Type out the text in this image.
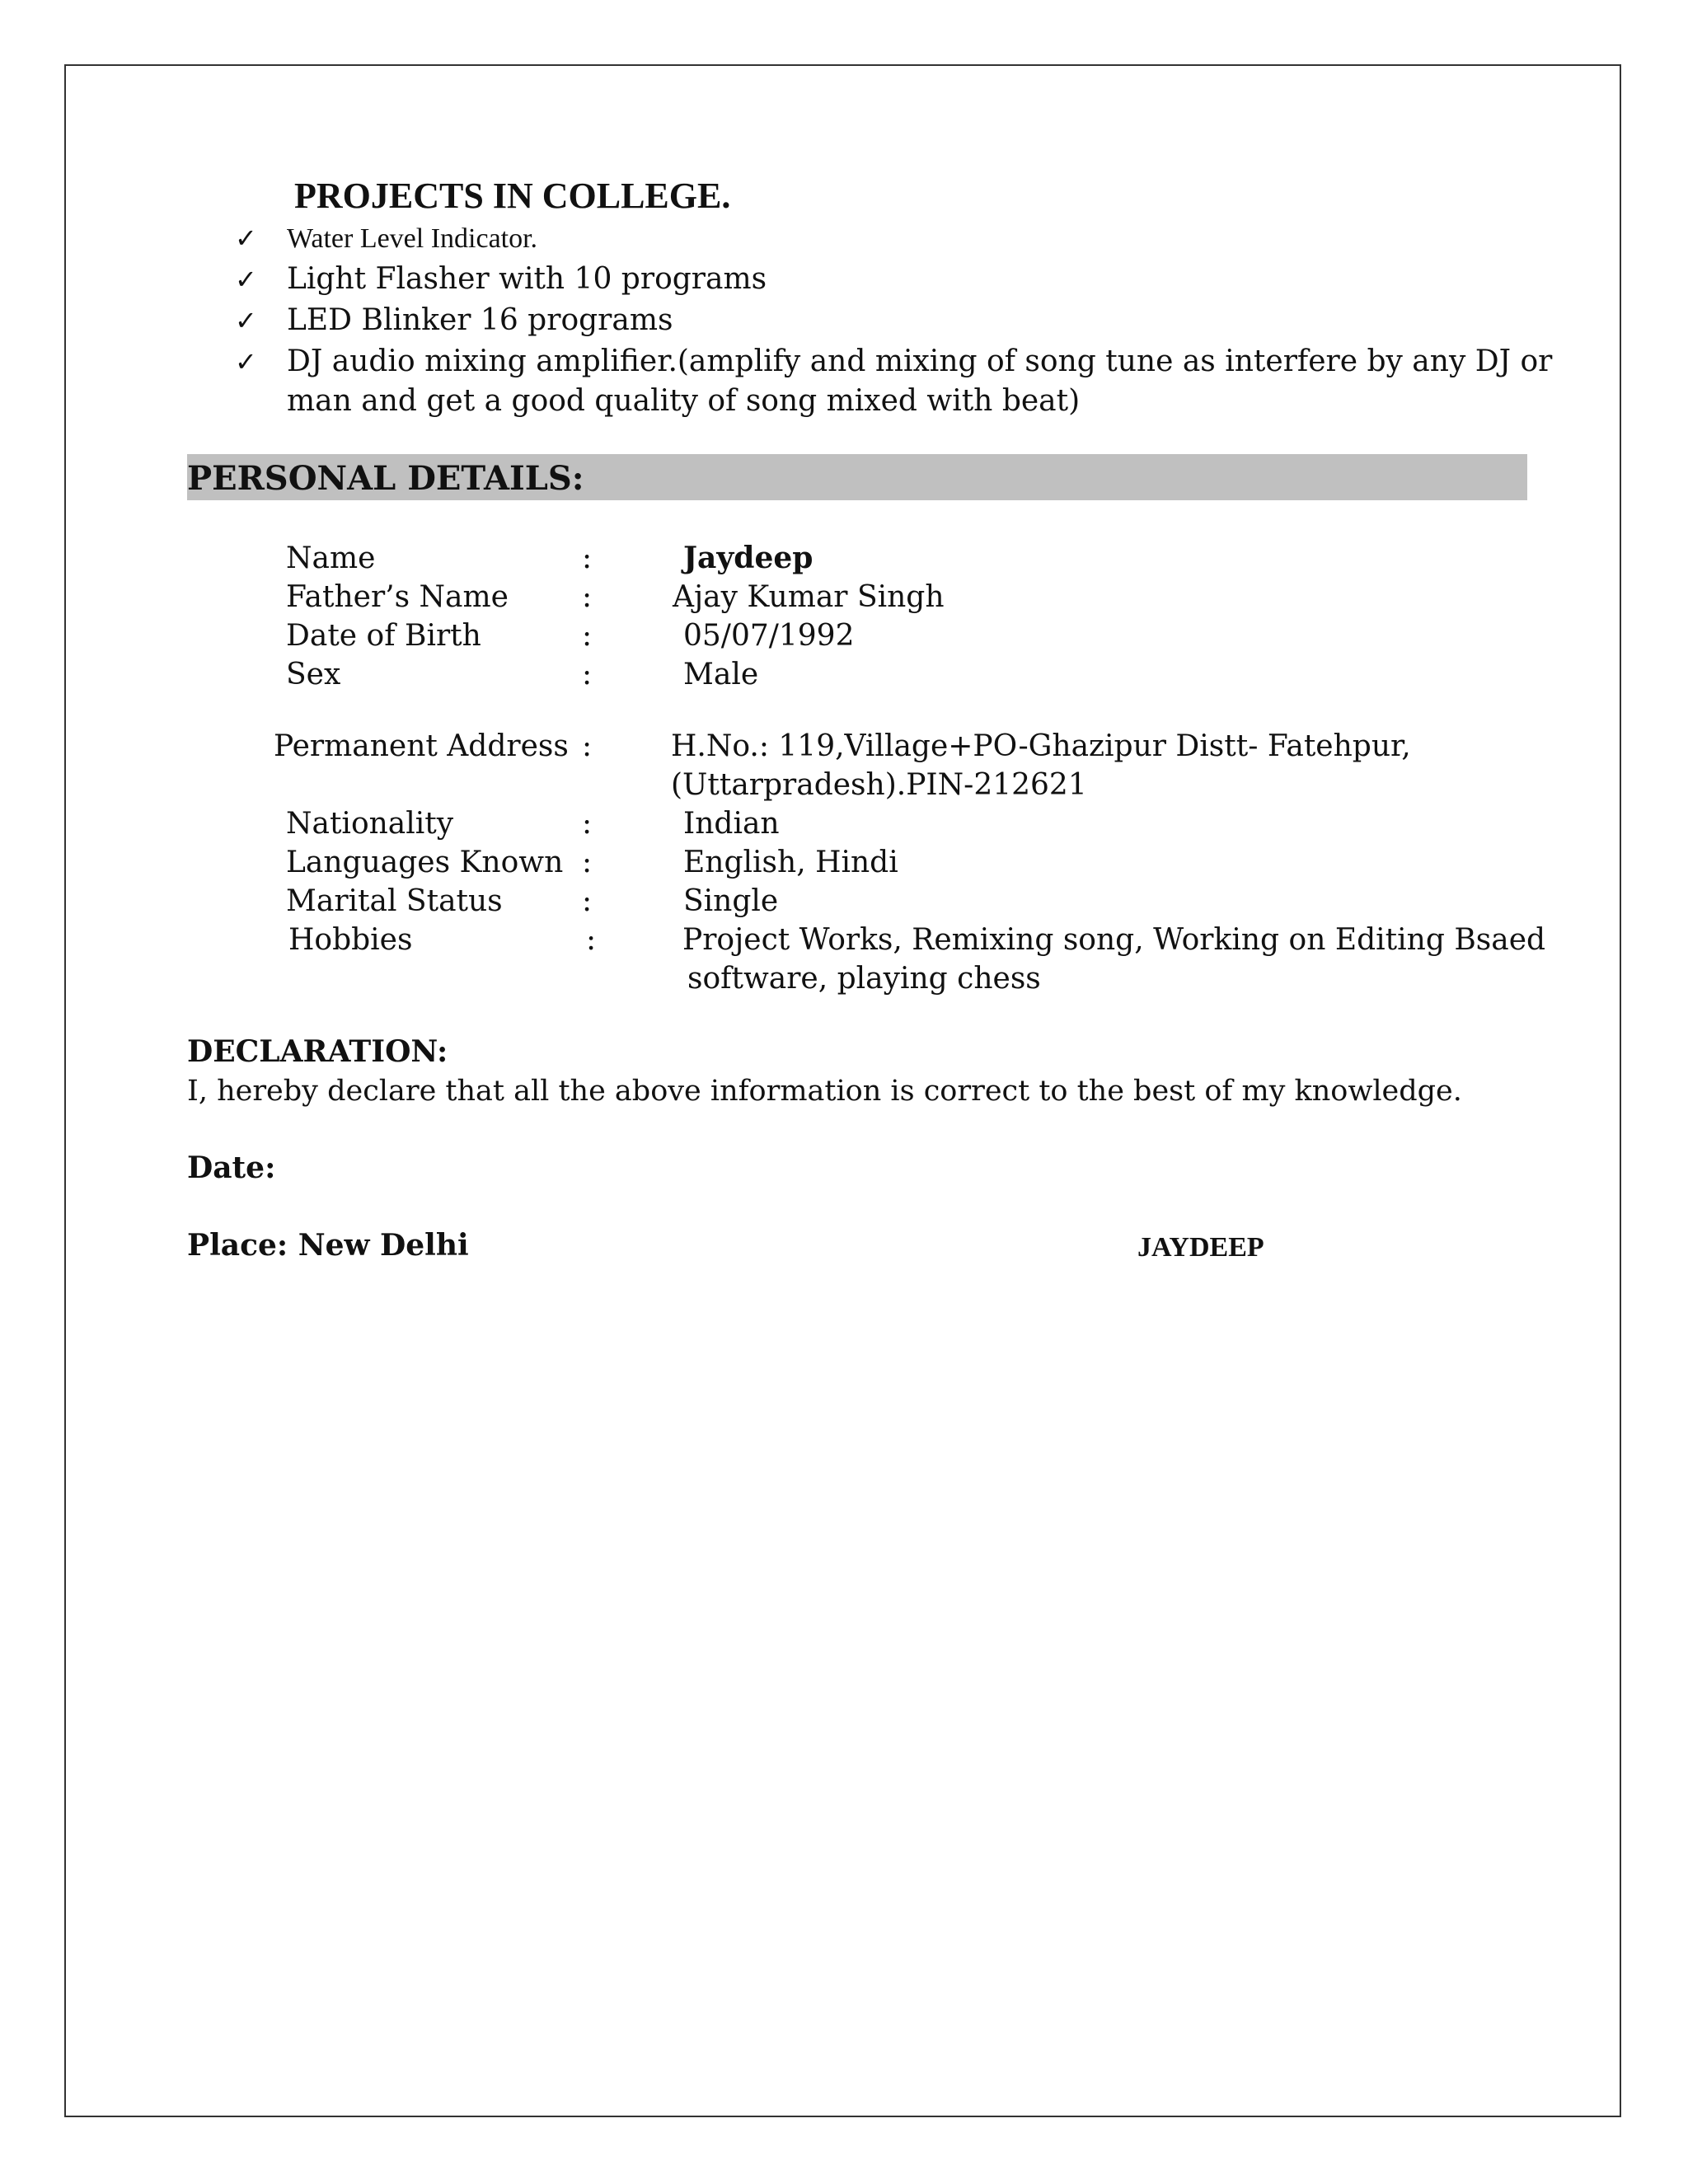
PROJECTS IN COLLEGE.
✓ Water Level Indicator.
✓ Light Flasher with 10 programs
✓ LED Blinker 16 programs
✓ DJ audio mixing amplifier.(amplify and mixing of song tune as interfere by any DJ or
man and get a good quality of song mixed with beat)
PERSONAL DETAILS:
Name	:	Jaydeep
Father’s Name :	Ajay Kumar Singh
Date of Birth	:	05/07/1992
Sex	:	Male
Permanent Address :	H.No.: 119,Village+PO-Ghazipur Distt- Fatehpur,
(Uttarpradesh).PIN-212621
Nationality	:	Indian
Languages Known :	English, Hindi
Marital Status	:	Single
Hobbies	:	Project Works, Remixing song, Working on Editing Bsaed
software, playing chess
DECLARATION:
I, hereby declare that all the above information is correct to the best of my knowledge.
Date:
Place: New Delhi	JAYDEEP
